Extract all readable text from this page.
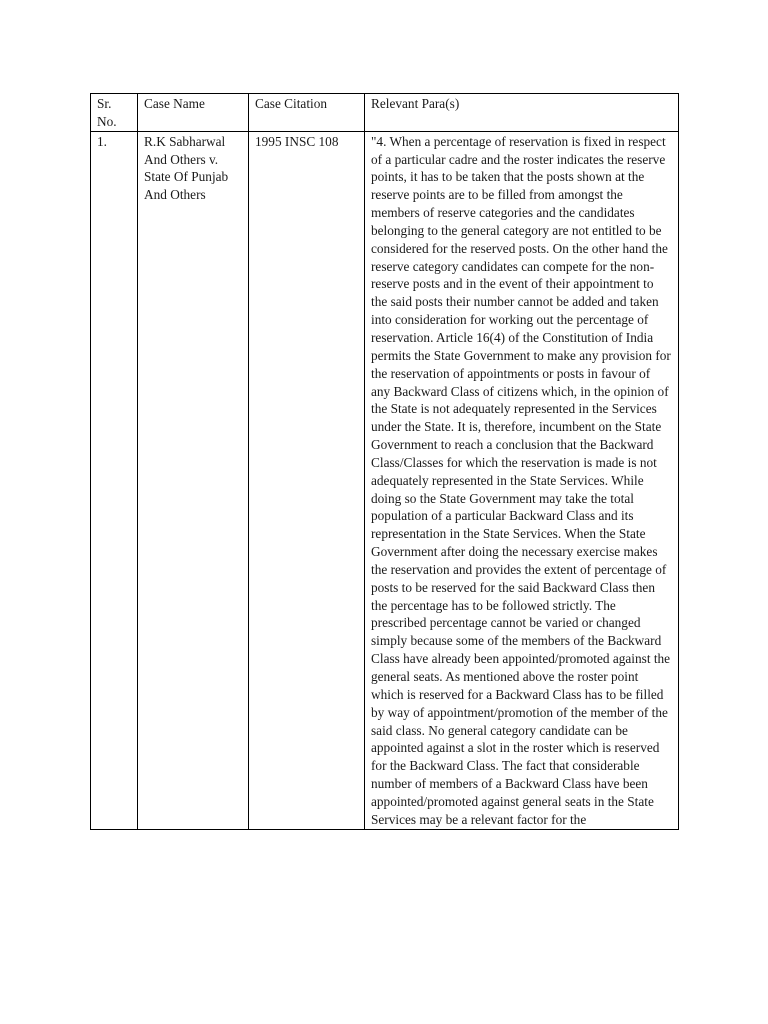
Sr. No.	Case Name	Case Citation	Relevant Para(s)
1.	R.K Sabharwal And Others v. State Of Punjab And Others	1995 INSC 108	"4. When a percentage of reservation is fixed in respect of a particular cadre and the roster indicates the reserve points, it has to be taken that the posts shown at the reserve points are to be filled from amongst the members of reserve categories and the candidates belonging to the general category are not entitled to be considered for the reserved posts. On the other hand the reserve category candidates can compete for the non-reserve posts and in the event of their appointment to the said posts their number cannot be added and taken into consideration for working out the percentage of reservation. Article 16(4) of the Constitution of India permits the State Government to make any provision for the reservation of appointments or posts in favour of any Backward Class of citizens which, in the opinion of the State is not adequately represented in the Services under the State. It is, therefore, incumbent on the State Government to reach a conclusion that the Backward Class/Classes for which the reservation is made is not adequately represented in the State Services. While doing so the State Government may take the total population of a particular Backward Class and its representation in the State Services. When the State Government after doing the necessary exercise makes the reservation and provides the extent of percentage of posts to be reserved for the said Backward Class then the percentage has to be followed strictly. The prescribed percentage cannot be varied or changed simply because some of the members of the Backward Class have already been appointed/promoted against the general seats. As mentioned above the roster point which is reserved for a Backward Class has to be filled by way of appointment/promotion of the member of the said class. No general category candidate can be appointed against a slot in the roster which is reserved for the Backward Class. The fact that considerable number of members of a Backward Class have been appointed/promoted against general seats in the State Services may be a relevant factor for the
